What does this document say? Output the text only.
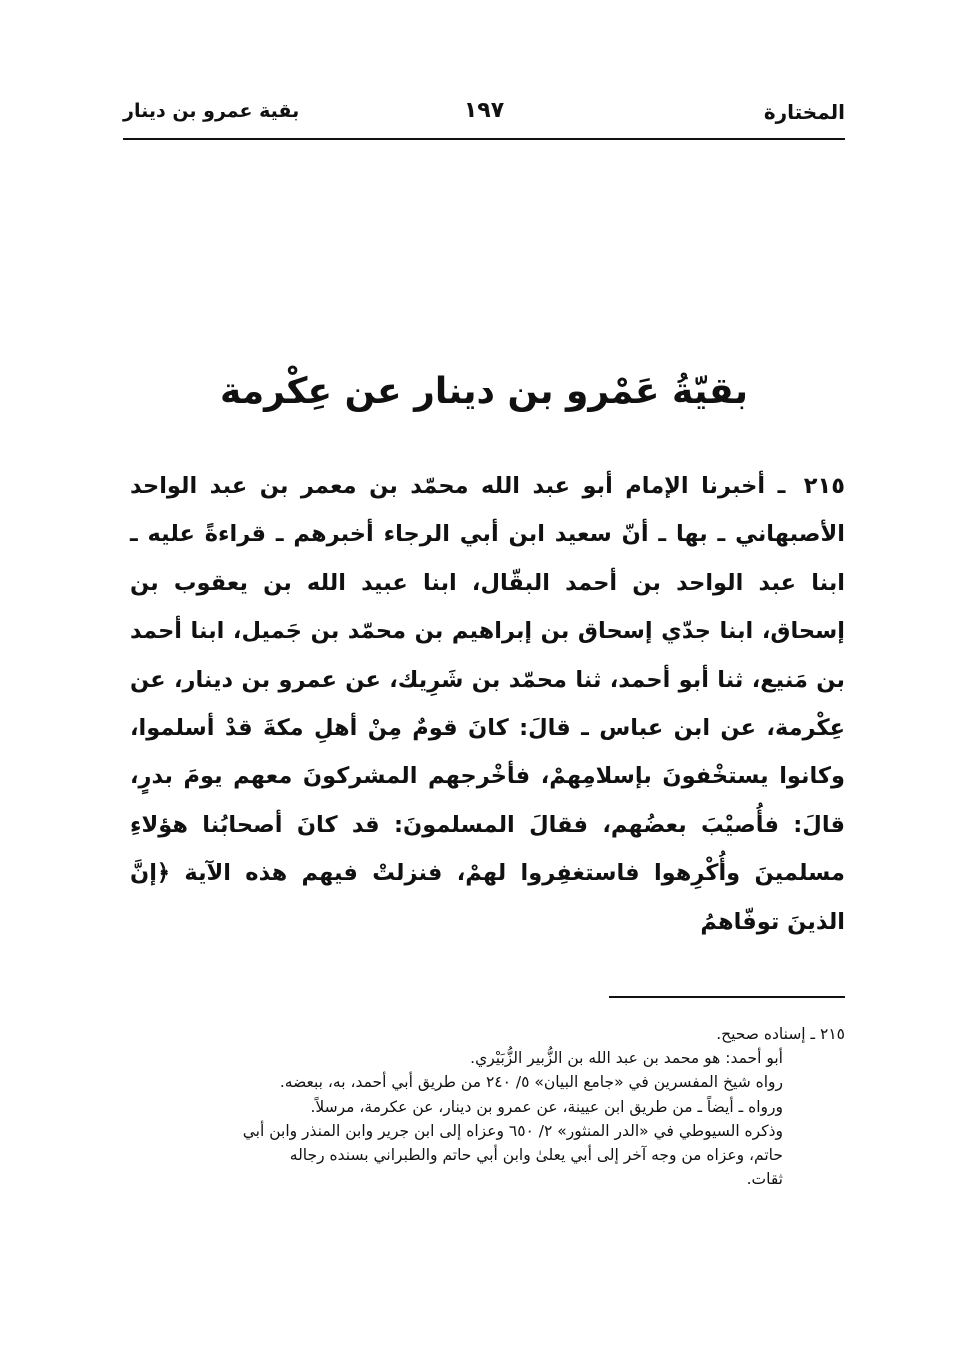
المختارة
١٩٧
بقية عمرو بن دينار
بقيّةُ عَمْرو بن دينار عن عِكْرمة
٢١٥ ـ أخبرنا الإمام أبو عبد الله محمّد بن معمر بن عبد الواحد الأصبهاني ـ بها ـ أنّ سعيد ابن أبي الرجاء أخبرهم ـ قراءةً عليه ـ ابنا عبد الواحد بن أحمد البقّال، ابنا عبيد الله بن يعقوب بن إسحاق، ابنا جدّي إسحاق بن إبراهيم بن محمّد بن جَميل، ابنا أحمد بن مَنيع، ثنا أبو أحمد، ثنا محمّد بن شَرِيك، عن عمرو بن دينار، عن عِكْرمة، عن ابن عباس ـ قالَ: كانَ قومٌ مِنْ أهلِ مكةَ قدْ أسلموا، وكانوا يستخْفونَ بإسلامِهمْ، فأخْرجهم المشركونَ معهم يومَ بدرٍ، قالَ: فأُصيْبَ بعضُهم، فقالَ المسلمونَ: قد كانَ أصحابُنا هؤلاءِ مسلمينَ وأُكْرِهوا فاستغفِروا لهمْ، فنزلتْ فيهم هذه الآية ﴿إنَّ الذينَ توفّاهمُ

٢١٥ ـ إسناده صحيح.

أبو أحمد: هو محمد بن عبد الله بن الزُّبير الزُّبَيْري.

رواه شيخ المفسرين في «جامع البيان» ٥/ ٢٤٠ من طريق أبي أحمد، به، ببعضه.

ورواه ـ أيضاً ـ من طريق ابن عيينة، عن عمرو بن دينار، عن عكرمة، مرسلاً.

وذكره السيوطي في «الدر المنثور» ٢/ ٦٥٠ وعزاه إلى ابن جرير وابن المنذر وابن أبي

حاتم، وعزاه من وجه آخر إلى أبي يعلىٰ وابن أبي حاتم والطبراني بسنده رجاله

ثقات.
